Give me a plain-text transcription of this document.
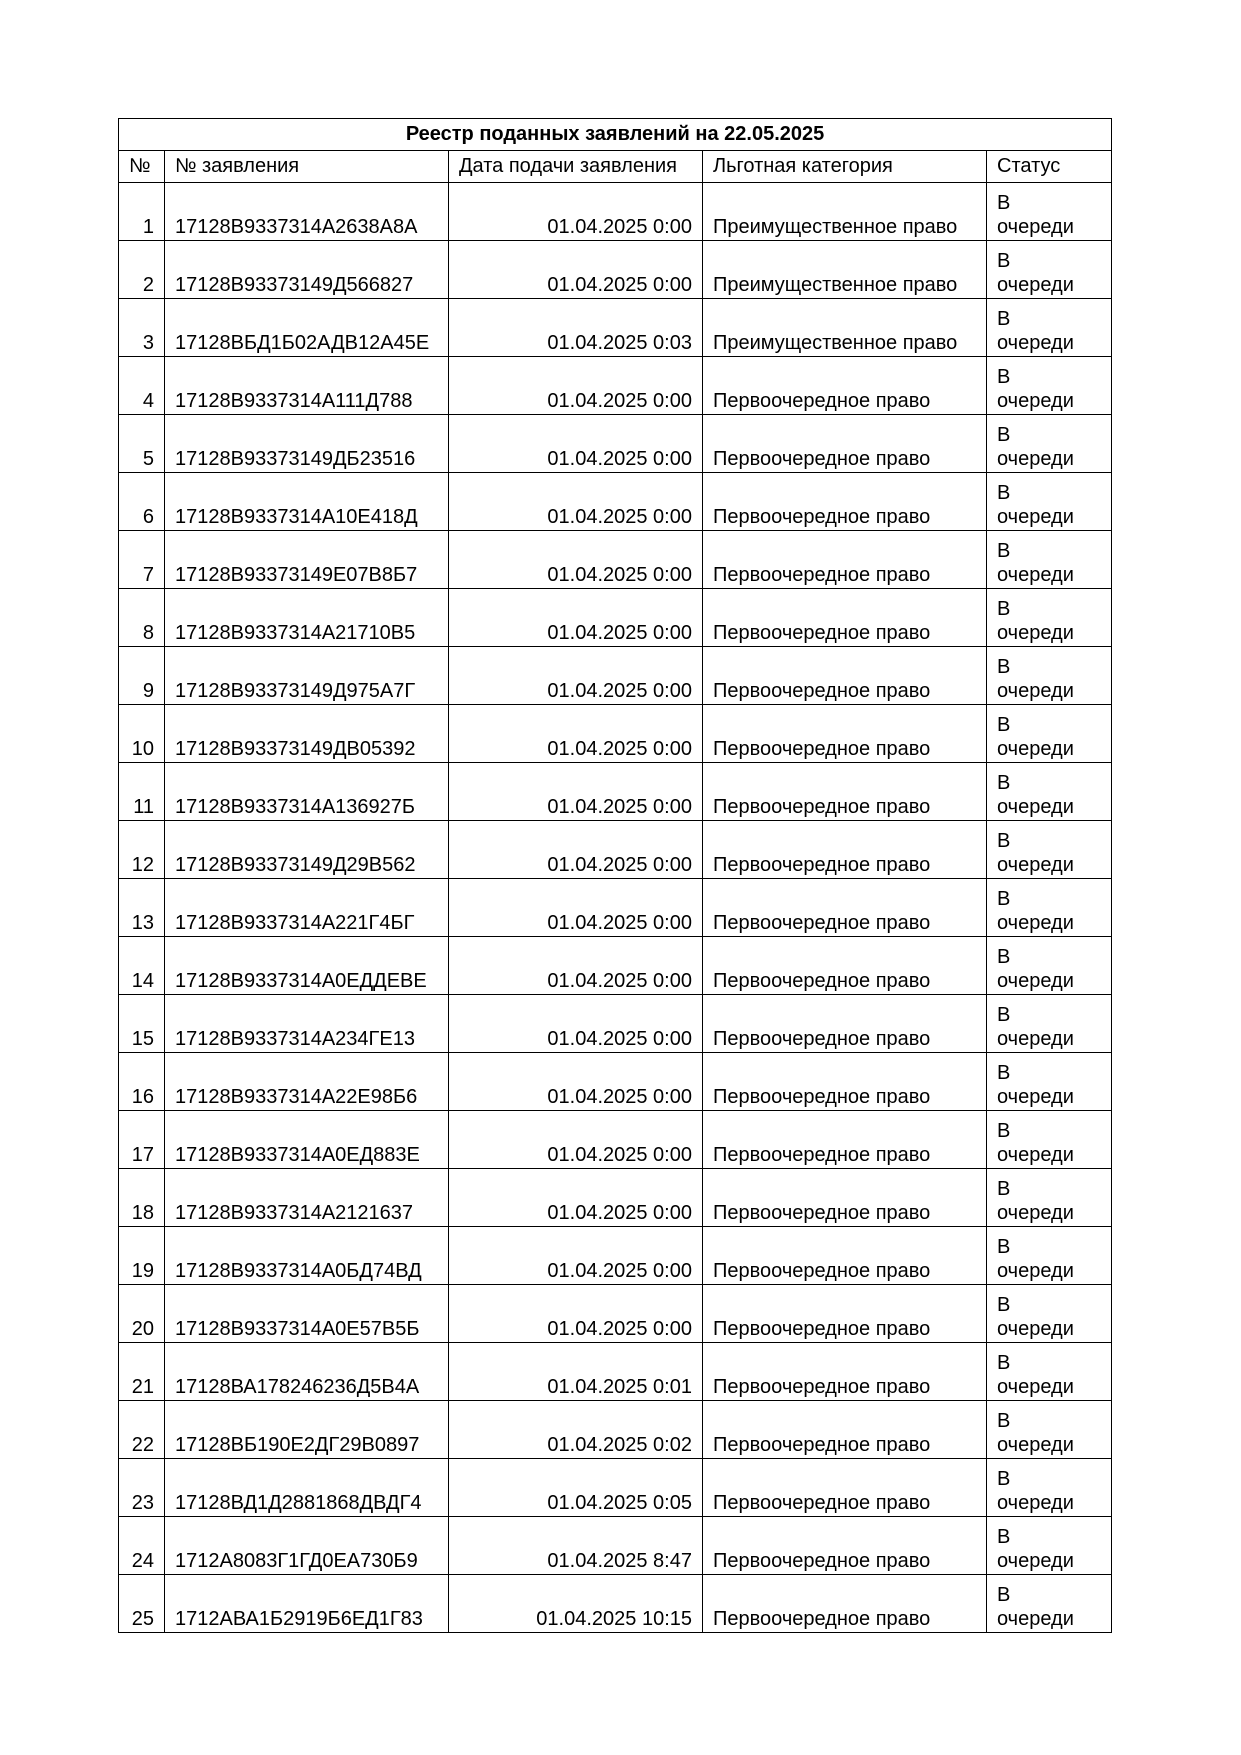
Реестр поданных заявлений на 22.05.2025				
№	№ заявления	Дата подачи заявления	Льготная категория	Статус
1	17128В9337314А2638А8А	01.04.2025 0:00	Преимущественное право	В
очереди

2	17128В93373149Д566827	01.04.2025 0:00	Преимущественное право	В
очереди

3	17128ВБД1Б02АДВ12А45Е	01.04.2025 0:03	Преимущественное право	В
очереди

4	17128В9337314А111Д788	01.04.2025 0:00	Первоочередное право	В
очереди

5	17128В93373149ДБ23516	01.04.2025 0:00	Первоочередное право	В
очереди

6	17128В9337314А10Е418Д	01.04.2025 0:00	Первоочередное право	В
очереди

7	17128В93373149Е07В8Б7	01.04.2025 0:00	Первоочередное право	В
очереди

8	17128В9337314А21710В5	01.04.2025 0:00	Первоочередное право	В
очереди

9	17128В93373149Д975А7Г	01.04.2025 0:00	Первоочередное право	В
очереди

10	17128В93373149ДВ05392	01.04.2025 0:00	Первоочередное право	В
очереди

11	17128В9337314А136927Б	01.04.2025 0:00	Первоочередное право	В
очереди

12	17128В93373149Д29В562	01.04.2025 0:00	Первоочередное право	В
очереди

13	17128В9337314А221Г4БГ	01.04.2025 0:00	Первоочередное право	В
очереди

14	17128В9337314А0ЕДДЕВЕ	01.04.2025 0:00	Первоочередное право	В
очереди

15	17128В9337314А234ГЕ13	01.04.2025 0:00	Первоочередное право	В
очереди

16	17128В9337314А22Е98Б6	01.04.2025 0:00	Первоочередное право	В
очереди

17	17128В9337314А0ЕД883Е	01.04.2025 0:00	Первоочередное право	В
очереди

18	17128В9337314А2121637	01.04.2025 0:00	Первоочередное право	В
очереди

19	17128В9337314А0БД74ВД	01.04.2025 0:00	Первоочередное право	В
очереди

20	17128В9337314А0Е57В5Б	01.04.2025 0:00	Первоочередное право	В
очереди

21	17128ВА178246236Д5В4А	01.04.2025 0:01	Первоочередное право	В
очереди

22	17128ВБ190Е2ДГ29В0897	01.04.2025 0:02	Первоочередное право	В
очереди

23	17128ВД1Д2881868ДВДГ4	01.04.2025 0:05	Первоочередное право	В
очереди

24	1712А8083Г1ГД0ЕА730Б9	01.04.2025 8:47	Первоочередное право	В
очереди

25	1712АВА1Б2919Б6ЕД1Г83	01.04.2025 10:15	Первоочередное право	В
очереди
